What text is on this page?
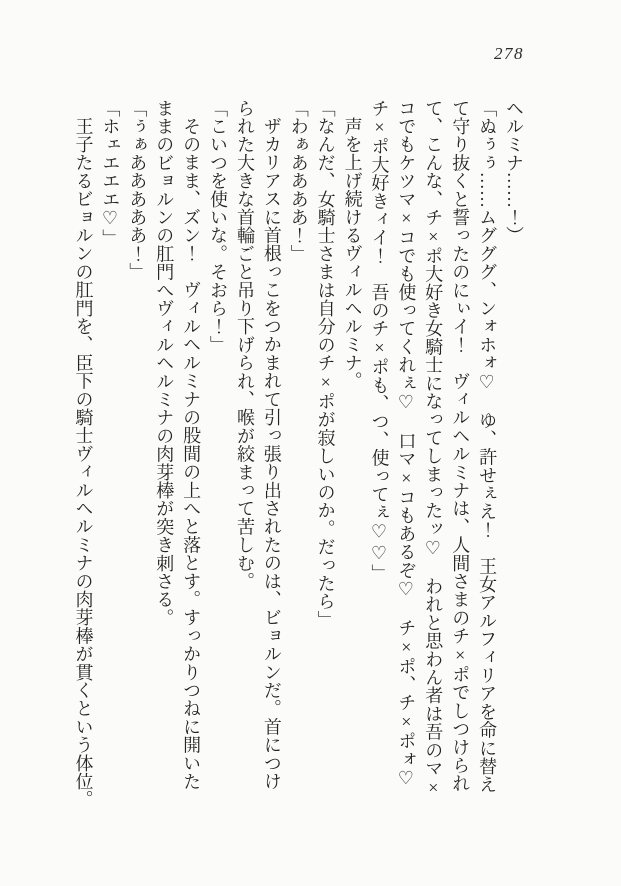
278

ヘルミナ……！）

「ぬぅぅ……ムグググ、ンォホォ♡　ゆ、許せぇえ！　王女アルフィリアを命に替え

て守り抜くと誓ったのにぃイ！　ヴィルヘルミナは、人間さまのチ×ポでしつけられ

て、こんな、チ×ポ大好き女騎士になってしまったッ♡　われと思わん者は吾のマ×

コでもケツマ×コでも使ってくれぇ♡　口マ×コもあるぞ♡　チ×ポ、チ×ポォ♡

チ×ポ大好きィイ！　吾のチ×ポも、つ、使ってぇ♡♡」

声を上げ続けるヴィルヘルミナ。

「なんだ、女騎士さまは自分のチ×ポが寂しいのか。だったら」

「わぁああああ！」

ザカリアスに首根っこをつかまれて引っ張り出されたのは、ビョルンだ。首につけ

られた大きな首輪ごと吊り下げられ、喉が絞まって苦しむ。

「こいつを使いな。そおら！」

そのまま、ズン！　ヴィルヘルミナの股間の上へと落とす。すっかりつねに開いた

ままのビョルンの肛門へヴィルヘルミナの肉芽棒が突き刺さる。

「ぅぁあああああ！」

「ホェエエエ♡」

王子たるビョルンの肛門を、臣下の騎士ヴィルヘルミナの肉芽棒が貫くという体位。
